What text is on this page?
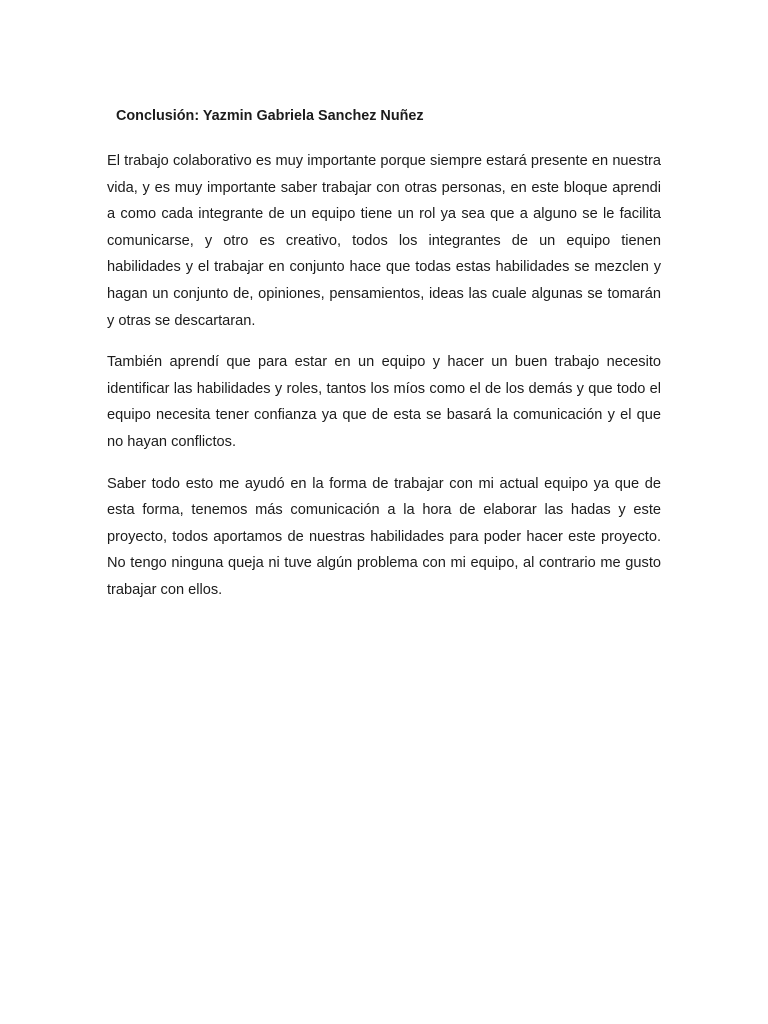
Conclusión: Yazmin Gabriela Sanchez Nuñez

El trabajo colaborativo es muy importante porque siempre estará presente en nuestra vida, y es muy importante saber trabajar con otras personas, en este bloque aprendi a como cada integrante de un equipo tiene un rol ya sea que a alguno se le facilita comunicarse, y otro es creativo, todos los integrantes de un equipo tienen habilidades y el trabajar en conjunto hace que todas estas habilidades se mezclen y hagan un conjunto de, opiniones, pensamientos, ideas las cuale algunas se tomarán y otras se descartaran.

También aprendí que para estar en un equipo y hacer un buen trabajo necesito identificar las habilidades y roles, tantos los míos como el de los demás y que todo el equipo necesita tener confianza ya que de esta se basará la comunicación y el que no hayan conflictos.

Saber todo esto me ayudó en la forma de trabajar con mi actual equipo ya que de esta forma, tenemos más comunicación a la hora de elaborar las hadas y este proyecto, todos aportamos de nuestras habilidades para poder hacer este proyecto. No tengo ninguna queja ni tuve algún problema con mi equipo, al contrario me gusto trabajar con ellos.
